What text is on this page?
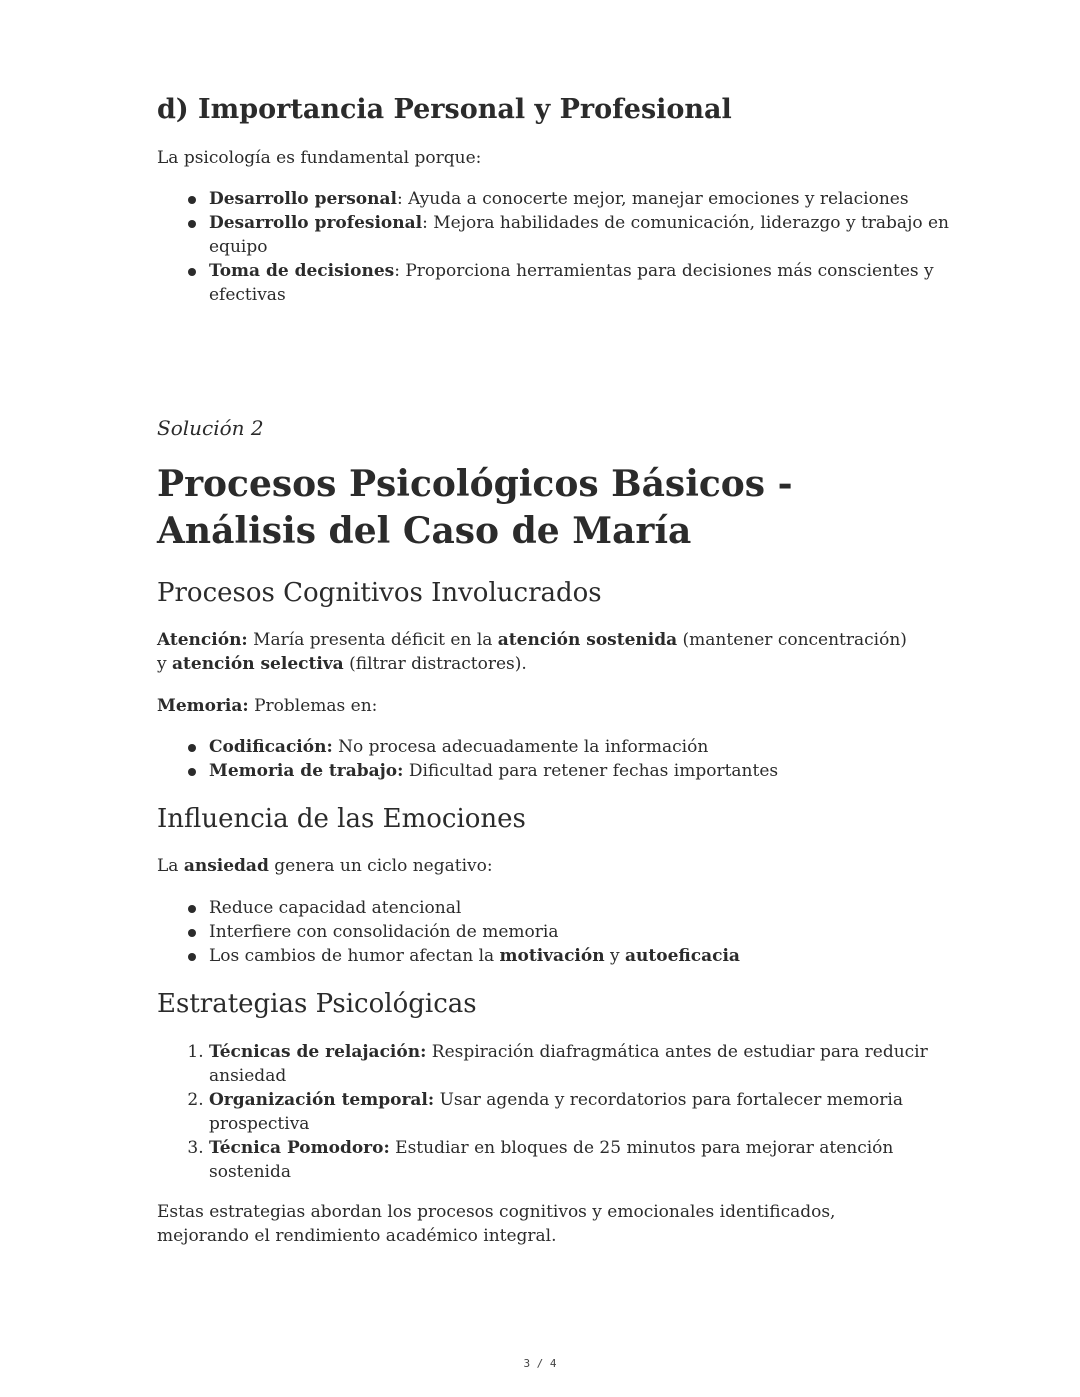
d) Importancia Personal y Profesional

La psicología es fundamental porque:

Desarrollo personal: Ayuda a conocerte mejor, manejar emociones y relaciones
Desarrollo profesional: Mejora habilidades de comunicación, liderazgo y trabajo en equipo
Toma de decisiones: Proporciona herramientas para decisiones más conscientes y efectivas

Solución 2

Procesos Psicológicos Básicos - Análisis del Caso de María
Procesos Cognitivos Involucrados

Atención: María presenta déficit en la atención sostenida (mantener concentración) y atención selectiva (filtrar distractores).

Memoria: Problemas en:

Codificación: No procesa adecuadamente la información
Memoria de trabajo: Dificultad para retener fechas importantes
Influencia de las Emociones

La ansiedad genera un ciclo negativo:

Reduce capacidad atencional
Interfiere con consolidación de memoria
Los cambios de humor afectan la motivación y autoeficacia
Estrategias Psicológicas
1. Técnicas de relajación: Respiración diafragmática antes de estudiar para reducir ansiedad
2. Organización temporal: Usar agenda y recordatorios para fortalecer memoria prospectiva
3. Técnica Pomodoro: Estudiar en bloques de 25 minutos para mejorar atención sostenida

Estas estrategias abordan los procesos cognitivos y emocionales identificados, mejorando el rendimiento académico integral.

3 / 4
